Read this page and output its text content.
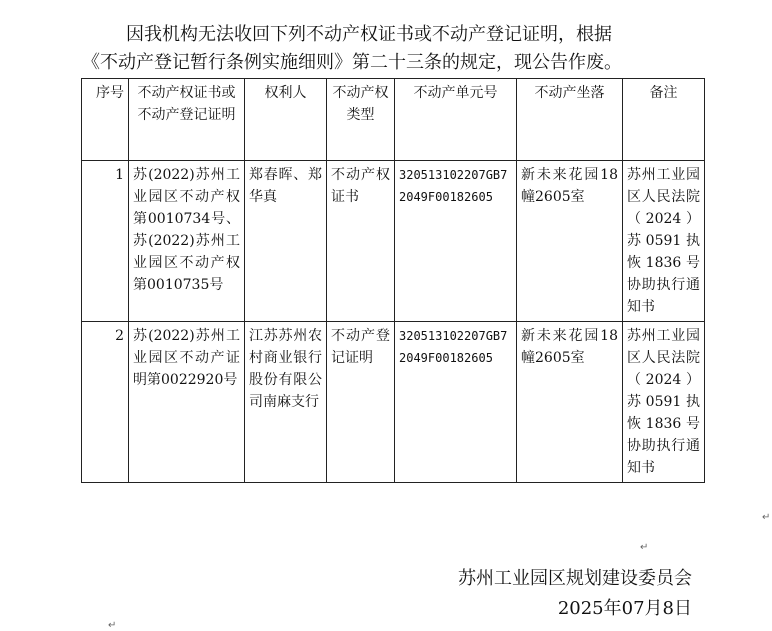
因我机构无法收回下列不动产权证书或不动产登记证明，根据
《不动产登记暂行条例实施细则》第二十三条的规定，现公告作废。
序号	不动产权证书或不动产登记证明	权利人	不动产权类型	不动产单元号	不动产坐落	备注
1	苏(2022)苏州工业园区不动产权第0010734号、苏(2022)苏州工业园区不动产权第0010735号	郑春晖、郑华真	不动产权证书	320513102207GB72049F00182605	新未来花园18幢2605室	苏州工业园区人民法院（2024）苏0591执恢1836号协助执行通知书
2	苏(2022)苏州工业园区不动产证明第0022920号	江苏苏州农村商业银行股份有限公司南麻支行	不动产登记证明	320513102207GB72049F00182605	新未来花园18幢2605室	苏州工业园区人民法院（2024）苏0591执恢1836号协助执行通知书
↵
↵
↵
苏州工业园区规划建设委员会
2025年07月8日
